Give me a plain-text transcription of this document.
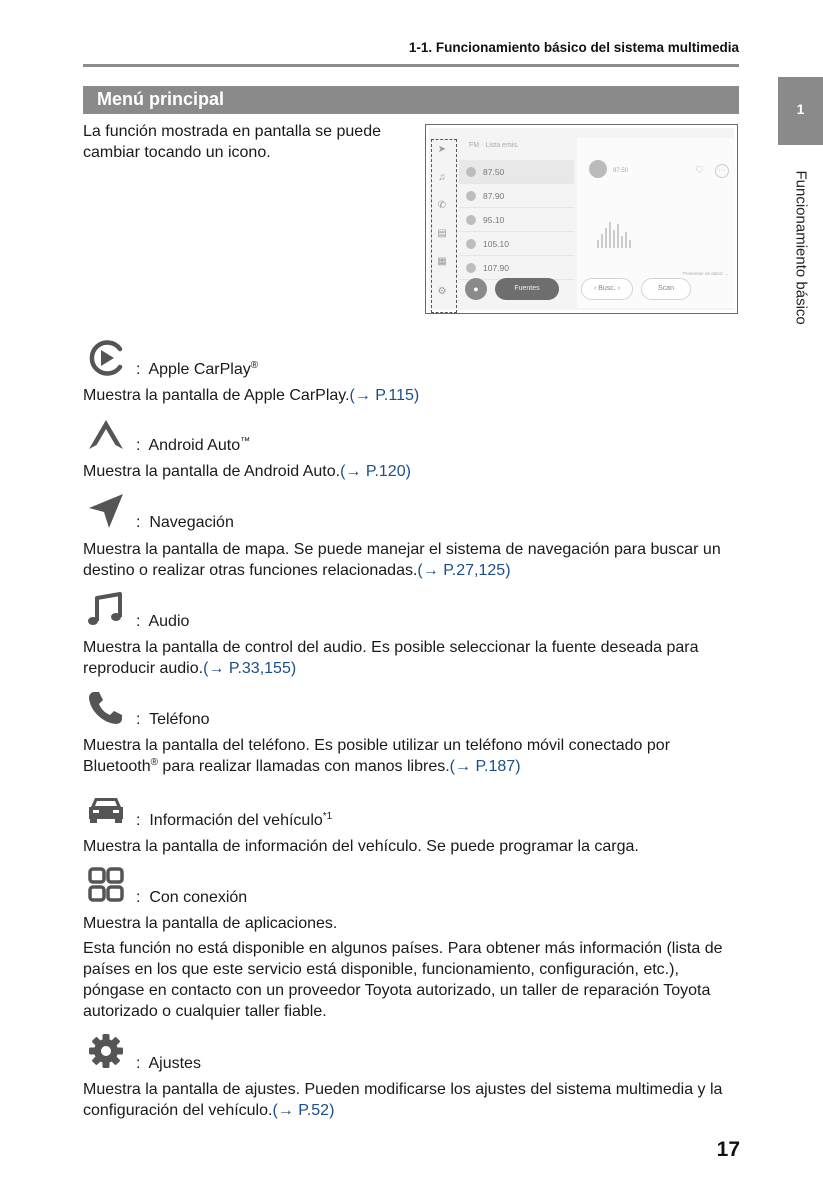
1-1. Funcionamiento básico del sistema multimedia
1
Funcionamiento básico
Menú principal
La función mostrada en pantalla se puede cambiar tocando un icono.	➤
♫
✆
▤
▦
⚙
FM · Lista emis.
87.50
87.90
95.10
105.10
107.90
87.50	♡	···
Proveedor de datos: ...
●	Fuentes	‹ Busc. ›	Scan
: Apple CarPlay®
Muestra la pantalla de Apple CarPlay.(→ P.115)
: Android Auto™
Muestra la pantalla de Android Auto.(→ P.120)
: Navegación
Muestra la pantalla de mapa. Se puede manejar el sistema de navegación para buscar un destino o realizar otras funciones relacionadas.(→ P.27,125)
: Audio
Muestra la pantalla de control del audio. Es posible seleccionar la fuente deseada para reproducir audio.(→ P.33,155)
: Teléfono
Muestra la pantalla del teléfono. Es posible utilizar un teléfono móvil conectado por Bluetooth® para realizar llamadas con manos libres.(→ P.187)
: Información del vehículo$^{*1}$
Muestra la pantalla de información del vehículo. Se puede programar la carga.
: Con conexión
Muestra la pantalla de aplicaciones.
Esta función no está disponible en algunos países. Para obtener más información (lista de países en los que este servicio está disponible, funcionamiento, configuración, etc.), póngase en contacto con un proveedor Toyota autorizado, un taller de reparación Toyota autorizado o cualquier taller fiable.
: Ajustes
Muestra la pantalla de ajustes. Pueden modificarse los ajustes del sistema multimedia y la configuración del vehículo.(→ P.52)
17
